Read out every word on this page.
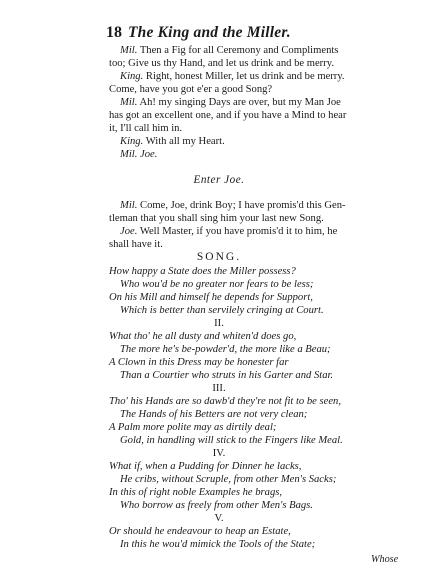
18 The King and the Miller.
Mil. Then a Fig for all Ceremony and Compliments
too; Give us thy Hand, and let us drink and be merry.
King. Right, honest Miller, let us drink and be merry.
Come, have you got e'er a good Song?
Mil. Ah! my singing Days are over, but my Man Joe
has got an excellent one, and if you have a Mind to hear
it, I'll call him in.
King. With all my Heart.
Mil. Joe.
Enter Joe.
Mil. Come, Joe, drink Boy; I have promis'd this Gen-
tleman that you shall sing him your last new Song.
Joe. Well Master, if you have promis'd it to him, he
shall have it.
SONG.
How happy a State does the Miller possess?
Who wou'd be no greater nor fears to be less;
On his Mill and himself he depends for Support,
Which is better than servilely cringing at Court.
II.
What tho' he all dusty and whiten'd does go,
The more he's be-powder'd, the more like a Beau;
A Clown in this Dress may be honester far
Than a Courtier who struts in his Garter and Star.
III.
Tho' his Hands are so dawb'd they're not fit to be seen,
The Hands of his Betters are not very clean;
A Palm more polite may as dirtily deal;
Gold, in handling will stick to the Fingers like Meal.
IV.
What if, when a Pudding for Dinner he lacks,
He cribs, without Scruple, from other Men's Sacks;
In this of right noble Examples he brags,
Who borrow as freely from other Men's Bags.
V.
Or should he endeavour to heap an Estate,
In this he wou'd mimick the Tools of the State;
Whose
